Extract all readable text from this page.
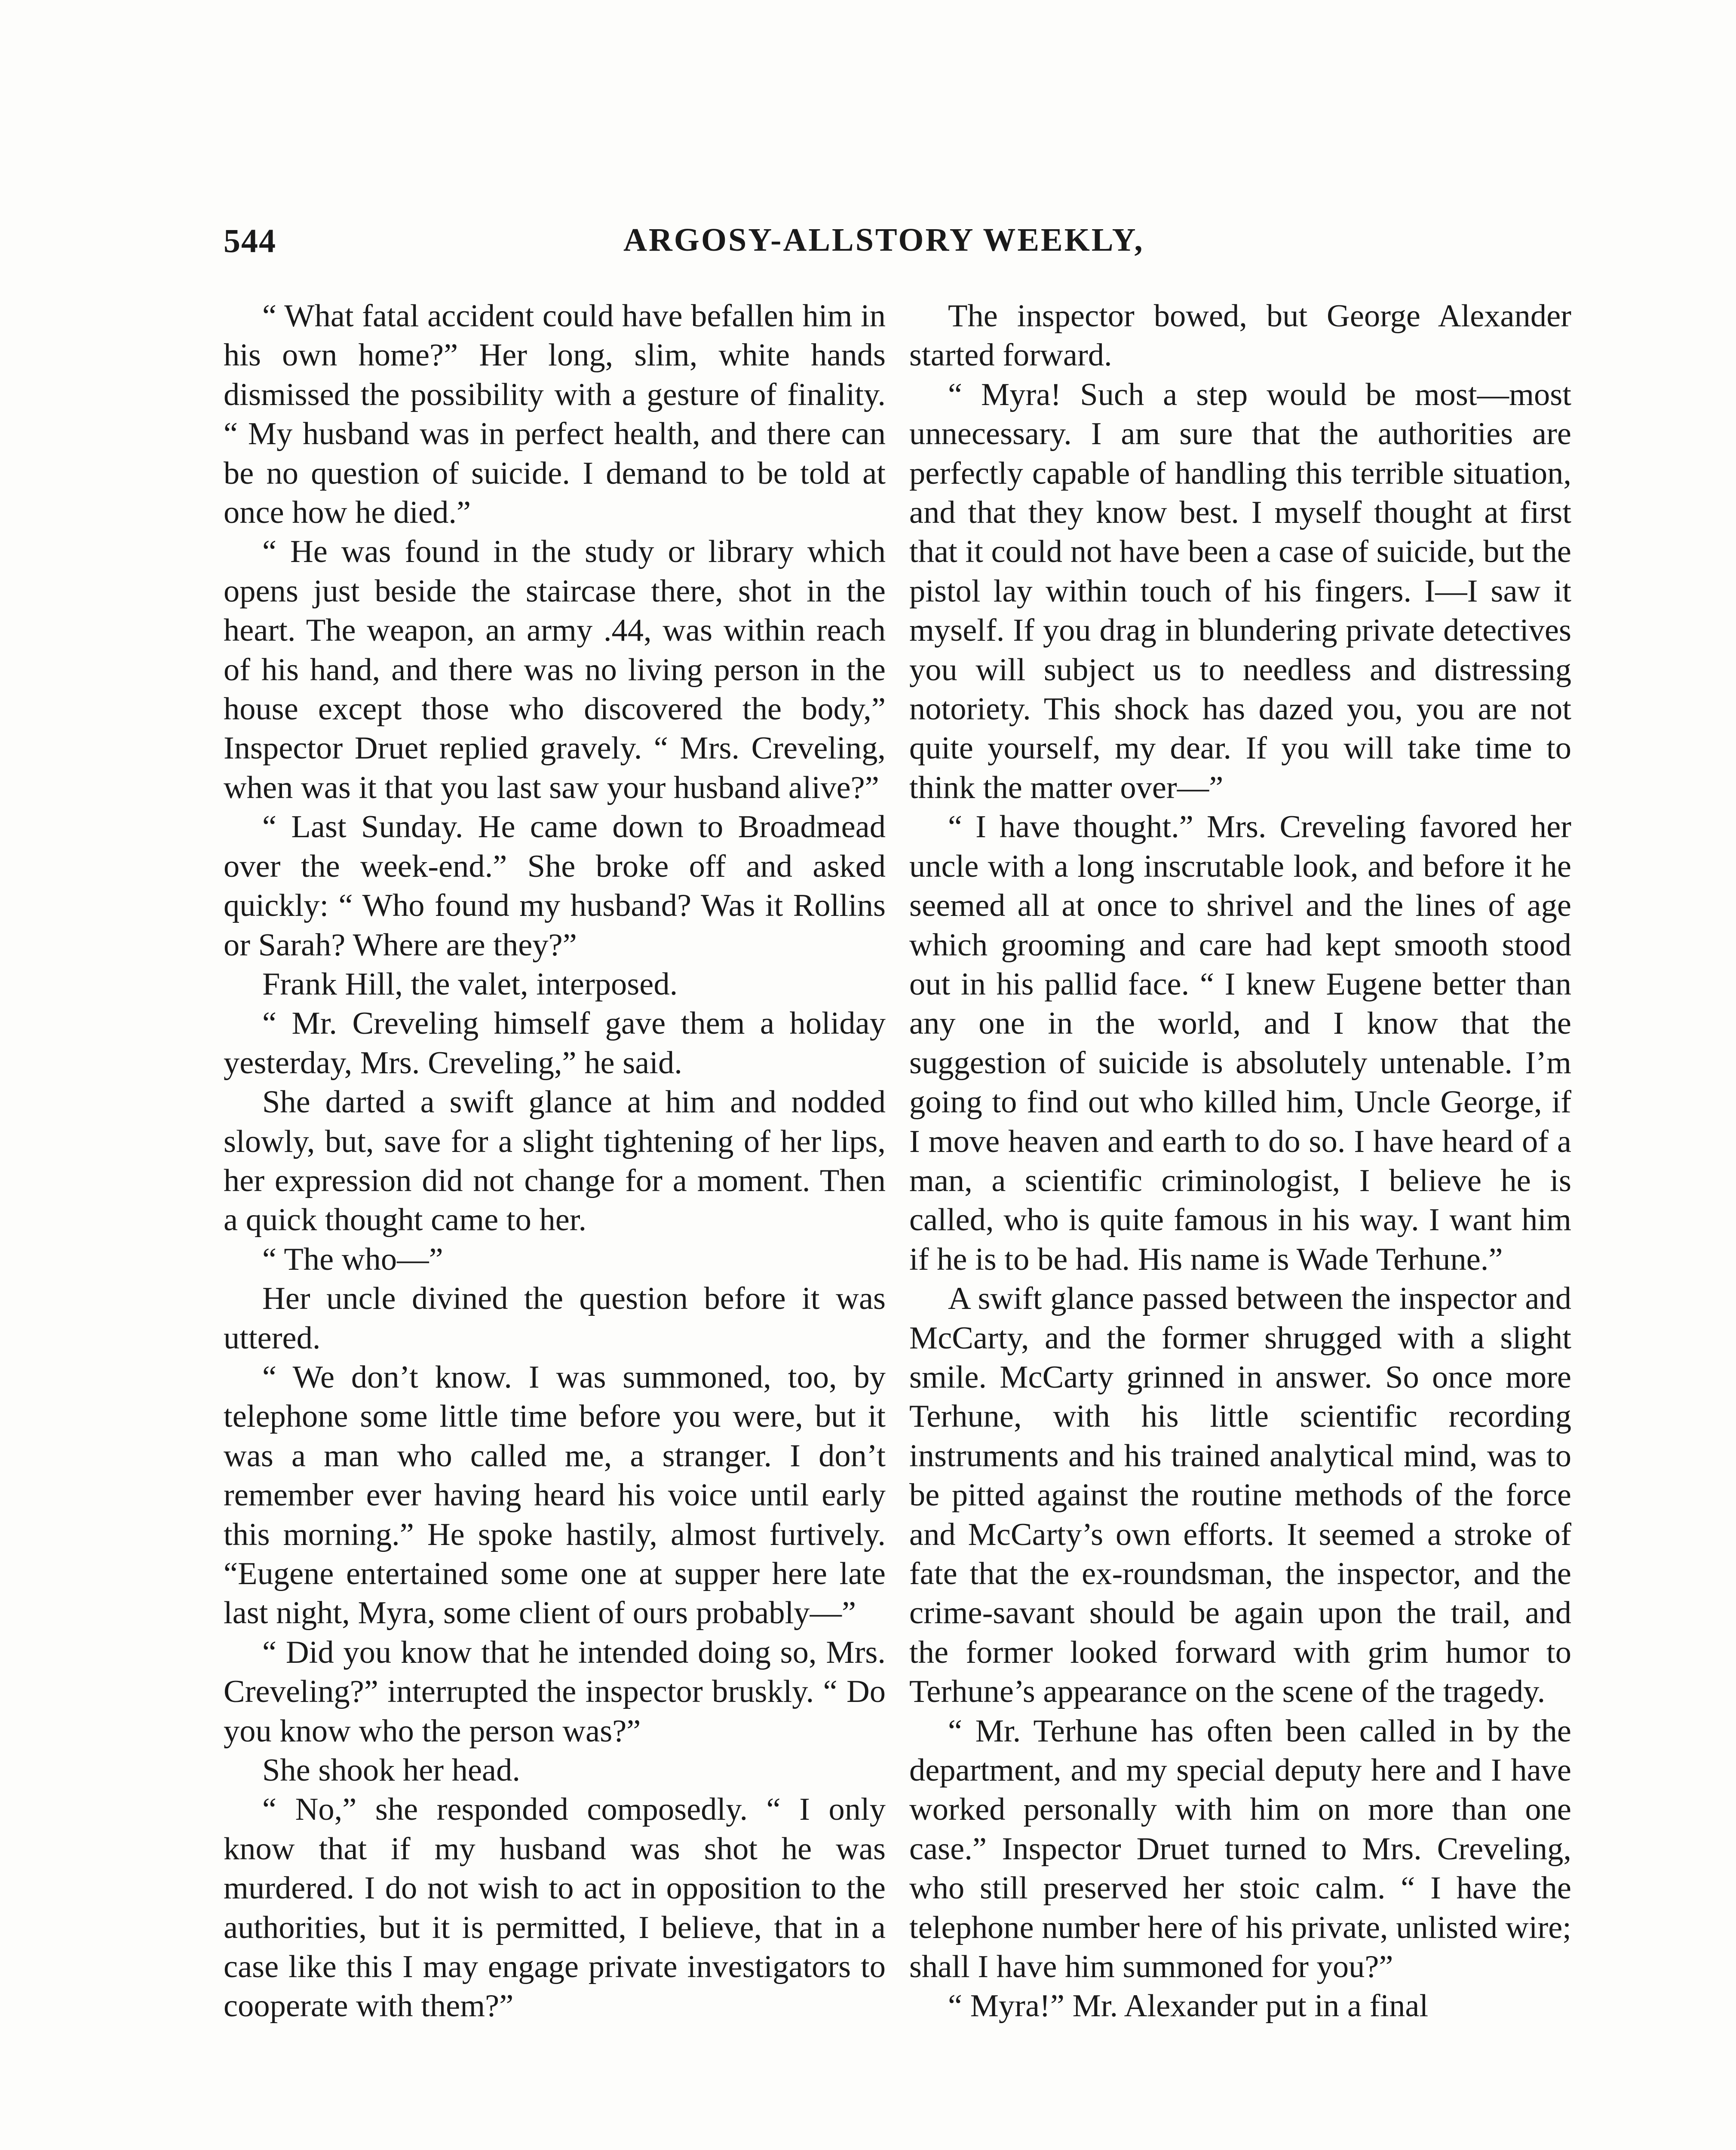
544	ARGOSY-ALLSTORY WEEKLY,

“ What fatal accident could have befallen him in his own home?” Her long, slim, white hands dismissed the possibility with a gesture of finality. “ My husband was in perfect health, and there can be no question of suicide. I demand to be told at once how he died.”

“ He was found in the study or library which opens just beside the staircase there, shot in the heart. The weapon, an army .44, was within reach of his hand, and there was no living person in the house except those who discovered the body,” Inspector Druet replied gravely. “ Mrs. Creveling, when was it that you last saw your husband alive?”

“ Last Sunday. He came down to Broadmead over the week-end.” She broke off and asked quickly: “ Who found my husband? Was it Rollins or Sarah? Where are they?”

Frank Hill, the valet, interposed.

“ Mr. Creveling himself gave them a holiday yesterday, Mrs. Creveling,” he said.

She darted a swift glance at him and nodded slowly, but, save for a slight tightening of her lips, her expression did not change for a moment. Then a quick thought came to her.

“ The who—”

Her uncle divined the question before it was uttered.

“ We don’t know. I was summoned, too, by telephone some little time before you were, but it was a man who called me, a stranger. I don’t remember ever having heard his voice until early this morning.” He spoke hastily, almost furtively. “Eugene entertained some one at supper here late last night, Myra, some client of ours probably—”

“ Did you know that he intended doing so, Mrs. Creveling?” interrupted the inspector bruskly. “ Do you know who the person was?”

She shook her head.

“ No,” she responded composedly. “ I only know that if my husband was shot he was murdered. I do not wish to act in opposition to the authorities, but it is permitted, I believe, that in a case like this I may engage private investigators to cooperate with them?”

The inspector bowed, but George Alexander started forward.

“ Myra! Such a step would be most—most unnecessary. I am sure that the authorities are perfectly capable of handling this terrible situation, and that they know best. I myself thought at first that it could not have been a case of suicide, but the pistol lay within touch of his fingers. I—I saw it myself. If you drag in blundering private detectives you will subject us to needless and distressing notoriety. This shock has dazed you, you are not quite yourself, my dear. If you will take time to think the matter over—”

“ I have thought.” Mrs. Creveling favored her uncle with a long inscrutable look, and before it he seemed all at once to shrivel and the lines of age which grooming and care had kept smooth stood out in his pallid face. “ I knew Eugene better than any one in the world, and I know that the suggestion of suicide is absolutely untenable. I’m going to find out who killed him, Uncle George, if I move heaven and earth to do so. I have heard of a man, a scientific criminologist, I believe he is called, who is quite famous in his way. I want him if he is to be had. His name is Wade Terhune.”

A swift glance passed between the inspector and McCarty, and the former shrugged with a slight smile. McCarty grinned in answer. So once more Terhune, with his little scientific recording instruments and his trained analytical mind, was to be pitted against the routine methods of the force and McCarty’s own efforts. It seemed a stroke of fate that the ex-roundsman, the inspector, and the crime-savant should be again upon the trail, and the former looked forward with grim humor to Terhune’s appearance on the scene of the tragedy.

“ Mr. Terhune has often been called in by the department, and my special deputy here and I have worked personally with him on more than one case.” Inspector Druet turned to Mrs. Creveling, who still preserved her stoic calm. “ I have the telephone number here of his private, unlisted wire; shall I have him summoned for you?”

“ Myra!” Mr. Alexander put in a final
